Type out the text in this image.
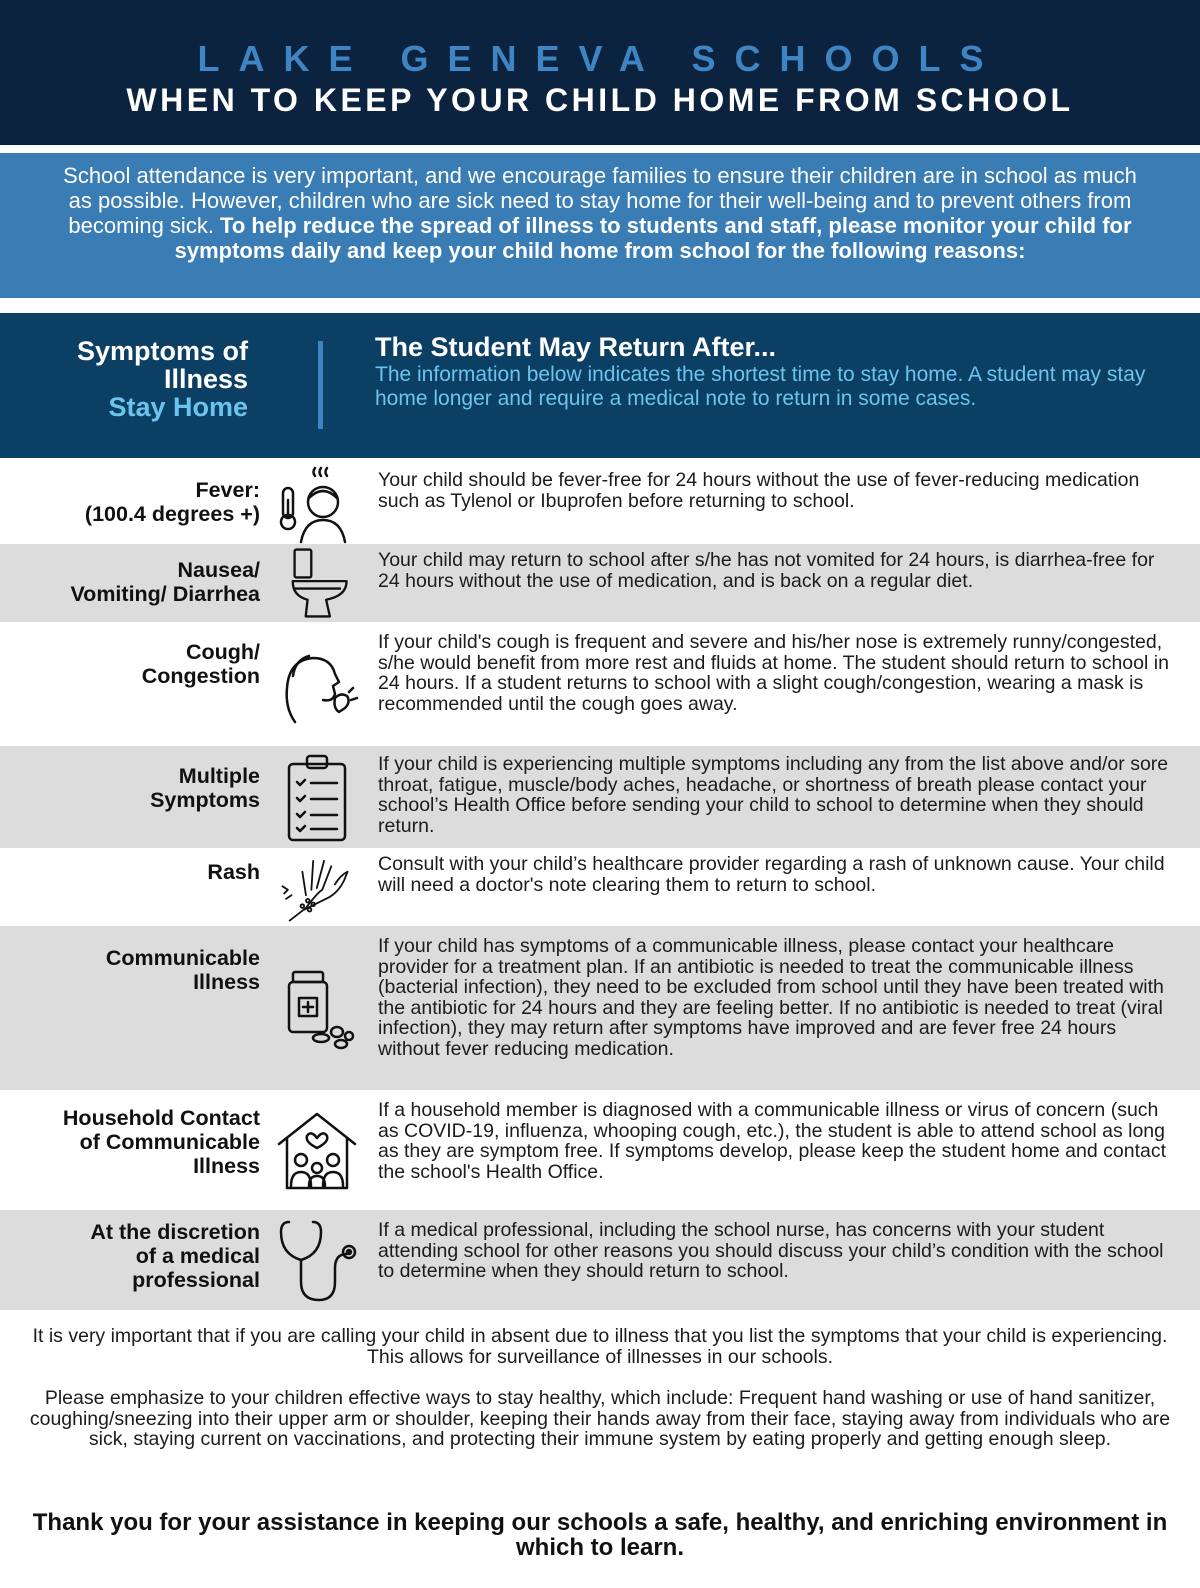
LAKE GENEVA SCHOOLS
WHEN TO KEEP YOUR CHILD HOME FROM SCHOOL
School attendance is very important, and we encourage families to ensure their children are in school as much as possible. However, children who are sick need to stay home for their well-being and to prevent others from becoming sick. To help reduce the spread of illness to students and staff, please monitor your child for symptoms daily and keep your child home from school for the following reasons:
Symptoms of
Illness
Stay Home
The Student May Return After...
The information below indicates the shortest time to stay home. A student may stay home longer and require a medical note to return in some cases.
Fever:
(100.4 degrees +)
Your child should be fever-free for 24 hours without the use of fever-reducing medication such as Tylenol or Ibuprofen before returning to school.
Nausea/
Vomiting/ Diarrhea
Your child may return to school after s/he has not vomited for 24 hours, is diarrhea-free for 24 hours without the use of medication, and is back on a regular diet.
Cough/
Congestion
If your child's cough is frequent and severe and his/her nose is extremely runny/congested, s/he would benefit from more rest and fluids at home. The student should return to school in 24 hours. If a student returns to school with a slight cough/congestion, wearing a mask is recommended until the cough goes away.
Multiple
Symptoms
If your child is experiencing multiple symptoms including any from the list above and/or sore throat, fatigue, muscle/body aches, headache, or shortness of breath please contact your school’s Health Office before sending your child to school to determine when they should return.
Rash	Consult with your child’s healthcare provider regarding a rash of unknown cause. Your child will need a doctor's note clearing them to return to school.
Communicable
Illness
If your child has symptoms of a communicable illness, please contact your healthcare provider for a treatment plan. If an antibiotic is needed to treat the communicable illness (bacterial infection), they need to be excluded from school until they have been treated with the antibiotic for 24 hours and they are feeling better. If no antibiotic is needed to treat (viral infection), they may return after symptoms have improved and are fever free 24 hours without fever reducing medication.
Household Contact
of Communicable
Illness
If a household member is diagnosed with a communicable illness or virus of concern (such as COVID-19, influenza, whooping cough, etc.), the student is able to attend school as long as they are symptom free. If symptoms develop, please keep the student home and contact the school's Health Office.
At the discretion
of a medical
professional
If a medical professional, including the school nurse, has concerns with your student attending school for other reasons you should discuss your child’s condition with the school to determine when they should return to school.
It is very important that if you are calling your child in absent due to illness that you list the symptoms that your child is experiencing. This allows for surveillance of illnesses in our schools.
Please emphasize to your children effective ways to stay healthy, which include: Frequent hand washing or use of hand sanitizer, coughing/sneezing into their upper arm or shoulder, keeping their hands away from their face, staying away from individuals who are sick, staying current on vaccinations, and protecting their immune system by eating properly and getting enough sleep.
Thank you for your assistance in keeping our schools a safe, healthy, and enriching environment in which to learn.
